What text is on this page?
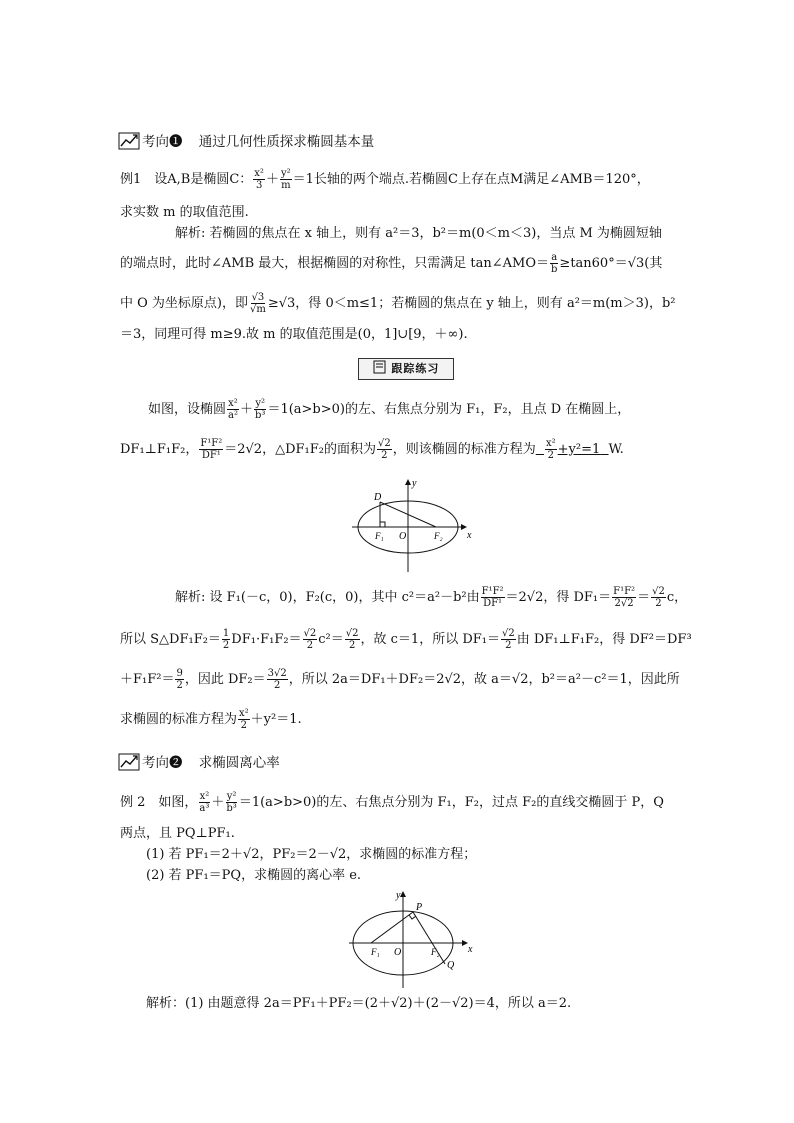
考向❶ 通过几何性质探求椭圆基本量
例1　设A,B是椭圆C： $\frac{\text{x²}}{3} + \frac{\text{y²}}{m} =1$长轴的两个端点.若椭圆C上存在点M满足∠AMB＝120°，
求实数 m 的取值范围.
解析: 若椭圆的焦点在 x 轴上，则有 a²＝3，b²＝m(0＜m＜3)，当点 M 为椭圆短轴
的端点时，此时∠AMB 最大，根据椭圆的对称性，只需满足 tan∠AMO＝ $\frac{a}{b} \ge\tan 60^\circ=√3$(其
中 O 为坐标原点)，即 $\frac{√3}{√m} \ge√3$，得 0＜m≤1；若椭圆的焦点在 y 轴上，则有 a²＝m(m＞3)，b²
＝3，同理可得 m≥9.故 m 的取值范围是(0，1]∪[9，＋∞).
跟踪练习
如图，设椭圆 $\frac{\text{x²}}{\text{a²}} + \frac{\text{y²}}{\text{b³}} =1(a>b>0)$的左、右焦点分别为 F₁，F₂，且点 D 在椭圆上，
DF₁⊥F₁F₂， $\frac{\text{F¹F²}}{\text{DF¹}} =2√2$，△DF₁F₂的面积为 $\frac{√2}{2}$ ，则该椭圆的标准方程为 $\frac{\text{x²}}{2} +y^2=1$ W.
y
x
D
F₁ O	F₂
解析: 设 F₁(－c，0)，F₂(c，0)，其中 c²＝a²－b²由 $\frac{\text{F¹F²}}{\text{DF¹}} =2√2$，得 $DF_1= \frac{\text{F¹F²}}{2√2} = \frac{√2}{2}$ c，
所以 S△DF₁F₂＝ $\frac{1}{2} DF_1\cdot F_1F_2= \frac{√2}{2} c^2= \frac{√2}{2}$ ，故 c＝1，所以 $DF_1= \frac{√2}{2}$ 由 DF₁⊥F₁F₂，得 DF²＝DF³
$+F_1F^2= \frac{9}{2}$ ，因此 $DF_2= \frac{3√2}{2}$ ，所以 2a＝DF₁＋DF₂＝2√2，故 a＝√2，b²＝a²－c²＝1，因此所
求椭圆的标准方程为 $\frac{\text{x²}}{2} +y^2=1$.
考向❷ 求椭圆离心率
例 2　如图， $\frac{\text{x²}}{\text{a³}} + \frac{\text{y²}}{\text{b³}} =1(a>b>0)$的左、右焦点分别为 F₁，F₂，过点 F₂的直线交椭圆于 P，Q
两点，且 PQ⊥PF₁.
(1) 若 PF₁＝2＋√2，PF₂＝2－√2，求椭圆的标准方程；
(2) 若 PF₁＝PQ，求椭圆的离心率 e.
y
x
P
F₁ O	F₂
Q
解析：(1) 由题意得 2a＝PF₁＋PF₂＝(2＋√2)＋(2－√2)＝4，所以 a＝2.
